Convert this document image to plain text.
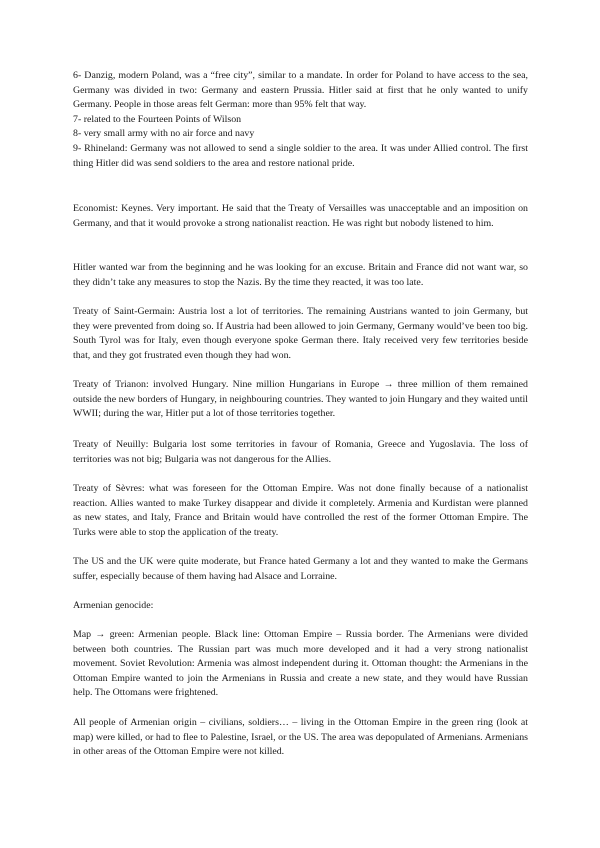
6- Danzig, modern Poland, was a “free city”, similar to a mandate. In order for Poland to have access to the sea, Germany was divided in two: Germany and eastern Prussia. Hitler said at first that he only wanted to unify Germany. People in those areas felt German: more than 95% felt that way.
7- related to the Fourteen Points of Wilson
8- very small army with no air force and navy
9- Rhineland: Germany was not allowed to send a single soldier to the area. It was under Allied control. The first thing Hitler did was send soldiers to the area and restore national pride.

Economist: Keynes. Very important. He said that the Treaty of Versailles was unacceptable and an imposition on Germany, and that it would provoke a strong nationalist reaction. He was right but nobody listened to him.

Hitler wanted war from the beginning and he was looking for an excuse. Britain and France did not want war, so they didn’t take any measures to stop the Nazis. By the time they reacted, it was too late.

Treaty of Saint-Germain: Austria lost a lot of territories. The remaining Austrians wanted to join Germany, but they were prevented from doing so. If Austria had been allowed to join Germany, Germany would’ve been too big. South Tyrol was for Italy, even though everyone spoke German there. Italy received very few territories beside that, and they got frustrated even though they had won.

Treaty of Trianon: involved Hungary. Nine million Hungarians in Europe → three million of them remained outside the new borders of Hungary, in neighbouring countries. They wanted to join Hungary and they waited until WWII; during the war, Hitler put a lot of those territories together.

Treaty of Neuilly: Bulgaria lost some territories in favour of Romania, Greece and Yugoslavia. The loss of territories was not big; Bulgaria was not dangerous for the Allies.

Treaty of Sèvres: what was foreseen for the Ottoman Empire. Was not done finally because of a nationalist reaction. Allies wanted to make Turkey disappear and divide it completely. Armenia and Kurdistan were planned as new states, and Italy, France and Britain would have controlled the rest of the former Ottoman Empire. The Turks were able to stop the application of the treaty.

The US and the UK were quite moderate, but France hated Germany a lot and they wanted to make the Germans suffer, especially because of them having had Alsace and Lorraine.

Armenian genocide:

Map → green: Armenian people. Black line: Ottoman Empire – Russia border. The Armenians were divided between both countries. The Russian part was much more developed and it had a very strong nationalist movement. Soviet Revolution: Armenia was almost independent during it. Ottoman thought: the Armenians in the Ottoman Empire wanted to join the Armenians in Russia and create a new state, and they would have Russian help. The Ottomans were frightened.

All people of Armenian origin – civilians, soldiers… – living in the Ottoman Empire in the green ring (look at map) were killed, or had to flee to Palestine, Israel, or the US. The area was depopulated of Armenians. Armenians in other areas of the Ottoman Empire were not killed.
